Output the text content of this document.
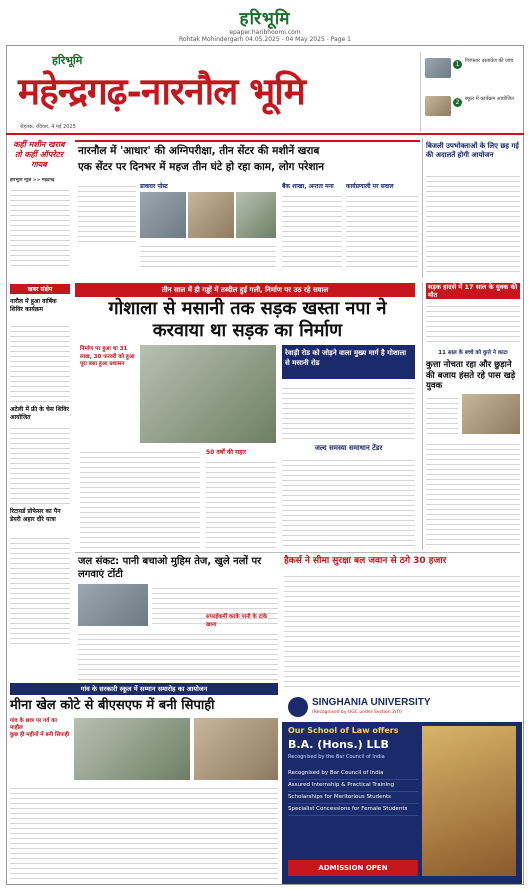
हरिभूमि
epaper.haribhoomi.com
Rohtak Mohindergarh 04.05.2025 - 04 May 2025 - Page 1
हरिभूमि
महेन्द्रगढ़-नारनौल भूमि
रोहतक, रविवार, 4 मई 2025
1	गिरफ्तार दस्तावेज की जांच
2	स्कूल में कार्यक्रम आयोजित
कहीं मशीन खराब तो कहीं ऑपरेटर गायब
हरिभूमि न्यूज >> महेंद्रगढ़
नारनौल में 'आधार' की अग्निपरीक्षा, तीन सेंटर की मशीनें खराब
एक सेंटर पर दिनभर में महज तीन घंटे हो रहा काम, लोग परेशान
डाकघर पोस्ट	बैंक शाखा, अन्ततः मना	कार्यप्रणाली पर सवाल
बिजली उपभोक्ताओं के लिए छह गई की अदालतें होगी आयोजन
खबर संक्षेप
नारौल में हुआ वार्षिक शिविर कार्यक्रम
अटेली में फ्री के चेस शिविर आयोजित
रिटायर्ड प्रोफेसर का पैन डेयरी अहार दौरे यात्रा
तीन साल में ही गड्ढों में तब्दील हुई गली, निर्माण पर उठ रहे सवाल
गोशाला से मसानी तक सड़क खस्ता नपा ने करवाया था सड़क का निर्माण
निर्माण पर हुआ था 31 लाख, 30 फरवरी को हुआ पूरा बसा हुआ प्रशासन
रेवाड़ी रोड को जोड़ने वाला मुख्य मार्ग है गोशाला से मसानी रोड
50 वर्षों की राहत
जल्द समस्या समाधान टेंडर
सड़क हादसे में 17 साल के युवक की मौत
11 साल के बच्चे को कुत्ते ने काटा
कुत्ता नोचता रहा और छुड़ाने की बजाय हंसते रहे पास खड़े युवक
जल संकट: पानी बचाओ मुहिम तेज, खुले नलों पर लगवाएं टोंटी
सफाईकर्मी करके पानी के टांके खाना
हैकर्स ने सीमा सुरक्षा बल जवान से ठगे 30 हजार
गांव के सरकारी स्कूल में सम्मान समारोह का आयोजन
मीना खेल कोटे से बीएसएफ में बनी सिपाही
गांव के छात्र पर गर्व का माहौल
कुछ ही महीनों में बनी सिपाही
SINGHANIA UNIVERSITY
(Recognised by UGC under Section 2(f))
Our School of Law offers
B.A. (Hons.) LLB
Recognised by the Bar Council of India
Recognised by Bar Council of India
Assured Internship & Practical Training
Scholarships for Meritorious Students
Specialist Concessions for Female Students
ADMISSION OPEN
